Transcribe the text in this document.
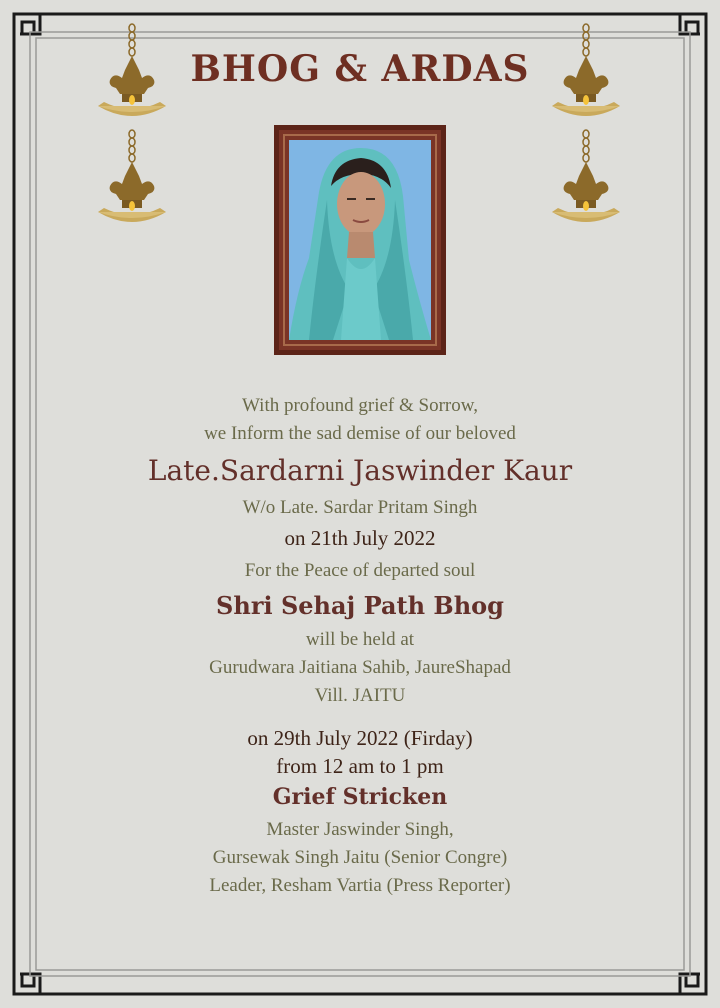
BHOG & ARDAS
With profound grief & Sorrow,
we Inform the sad demise of our beloved
Late.Sardarni Jaswinder Kaur
W/o Late. Sardar Pritam Singh
on 21th July 2022
For the Peace of departed soul
Shri Sehaj Path Bhog
will be held at
Gurudwara Jaitiana Sahib, JaureShapad
Vill. JAITU
on 29th July 2022 (Firday)
from 12 am to 1 pm
Grief Stricken
Master Jaswinder Singh,
Gursewak Singh Jaitu (Senior Congre)
Leader, Resham Vartia (Press Reporter)
